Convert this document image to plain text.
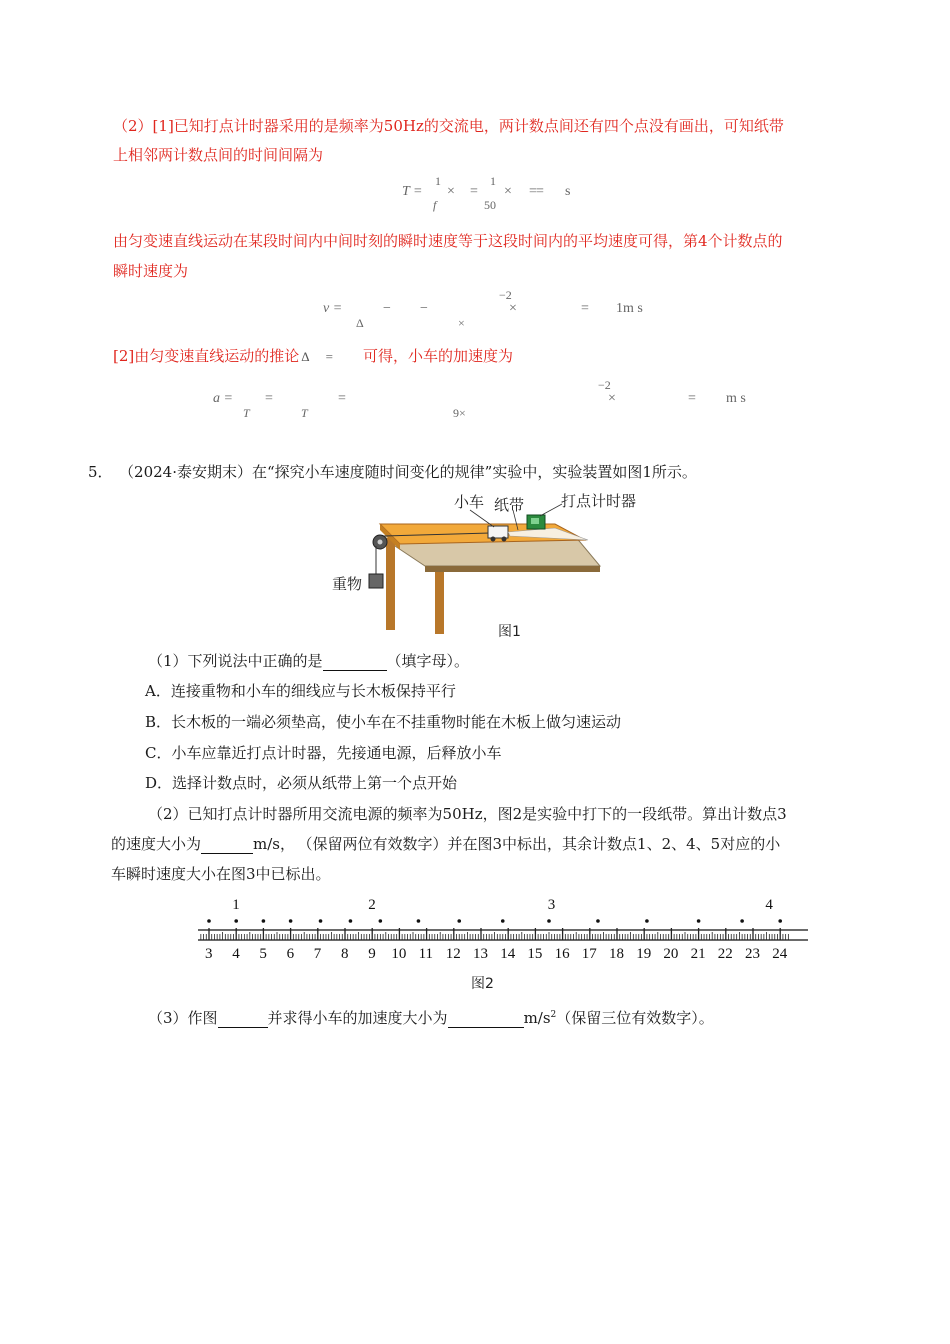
（2）[1]已知打点计时器采用的是频率为50Hz的交流电，两计数点间还有四个点没有画出，可知纸带
上相邻两计数点间的时间间隔为
T =
1
f
× =
1
50
× = = s
由匀变速直线运动在某段时间内中间时刻的瞬时速度等于这段时间内的平均速度可得，第4个计数点的
瞬时速度为
v =
Δ
− −
×
−2
×	= 1m s
[2]由匀变速直线运动的推论 Δ = 可得，小车的加速度为
a = =
T	T
=
9×
−2
×	= m s
5． （2024·泰安期末）在“探究小车速度随时间变化的规律”实验中，实验装置如图1所示。
小车 纸带 打点计时器
重物
图1
（1）下列说法中正确的是	（填字母）。
A．连接重物和小车的细线应与长木板保持平行
B．长木板的一端必须垫高，使小车在不挂重物时能在木板上做匀速运动
C．小车应靠近打点计时器，先接通电源，后释放小车
D．选择计数点时，必须从纸带上第一个点开始
（2）已知打点计时器所用交流电源的频率为50Hz，图2是实验中打下的一段纸带。算出计数点3
的速度大小为	m/s， （保留两位有效数字）并在图3中标出，其余计数点1、2、4、5对应的小
车瞬时速度大小在图3中已标出。
1	2	3	4
3 4 5 6 7 8 9 10 11 12 13 14 15 16 17 18 19 20 21 22 23 24
图2
（3）作图	并求得小车的加速度大小为	$m/s^2$（保留三位有效数字）。
